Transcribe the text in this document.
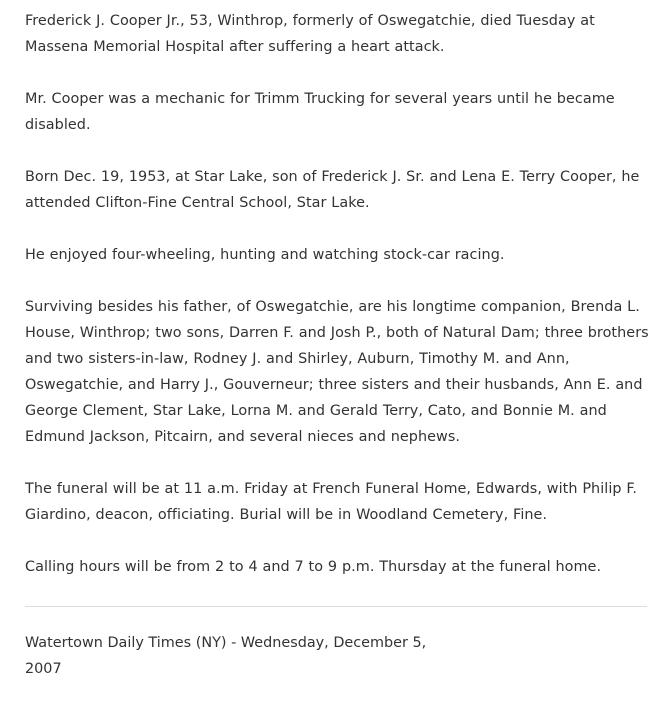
Frederick J. Cooper Jr., 53, Winthrop, formerly of Oswegatchie, died Tuesday at Massena Memorial Hospital after suffering a heart attack.

Mr. Cooper was a mechanic for Trimm Trucking for several years until he became disabled.

Born Dec. 19, 1953, at Star Lake, son of Frederick J. Sr. and Lena E. Terry Cooper, he attended Clifton-Fine Central School, Star Lake.

He enjoyed four-wheeling, hunting and watching stock-car racing.

Surviving besides his father, of Oswegatchie, are his longtime companion, Brenda L. House, Winthrop; two sons, Darren F. and Josh P., both of Natural Dam; three brothers and two sisters-in-law, Rodney J. and Shirley, Auburn, Timothy M. and Ann, Oswegatchie, and Harry J., Gouverneur; three sisters and their husbands, Ann E. and George Clement, Star Lake, Lorna M. and Gerald Terry, Cato, and Bonnie M. and Edmund Jackson, Pitcairn, and several nieces and nephews.

The funeral will be at 11 a.m. Friday at French Funeral Home, Edwards, with Philip F. Giardino, deacon, officiating. Burial will be in Woodland Cemetery, Fine.

Calling hours will be from 2 to 4 and 7 to 9 p.m. Thursday at the funeral home.

Watertown Daily Times (NY) - Wednesday, December 5, 2007
